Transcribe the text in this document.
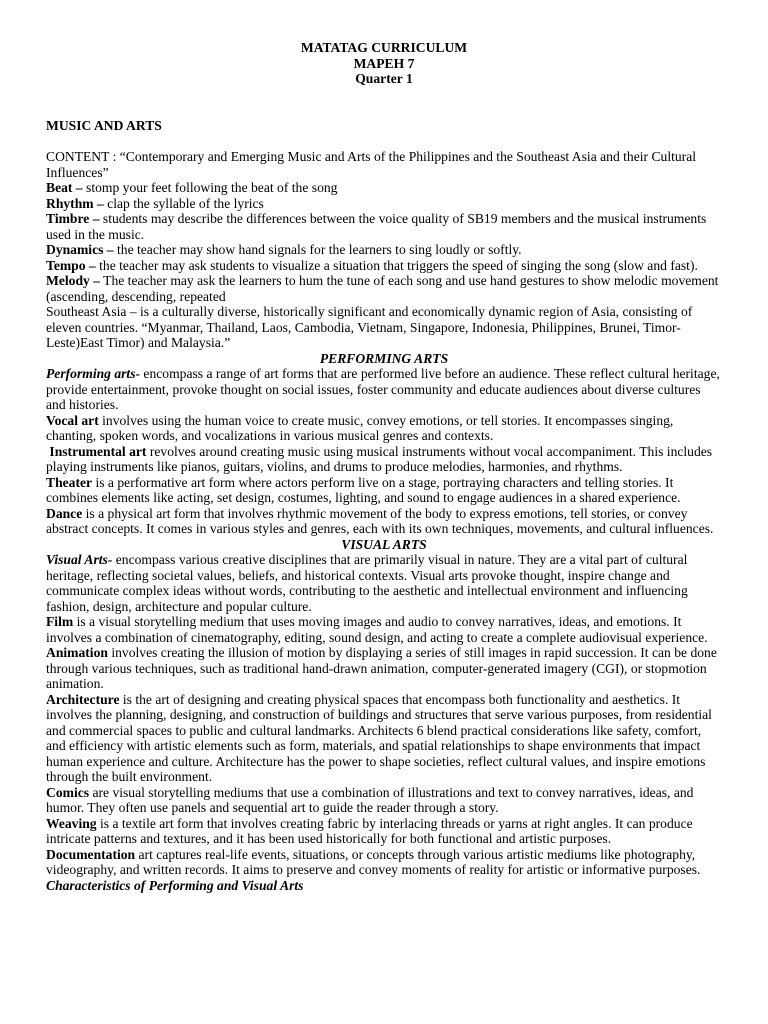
MATATAG CURRICULUM
MAPEH 7
Quarter 1
MUSIC AND ARTS

CONTENT : “Contemporary and Emerging Music and Arts of the Philippines and the Southeast Asia and their Cultural Influences”

Beat – stomp your feet following the beat of the song

Rhythm – clap the syllable of the lyrics

Timbre – students may describe the differences between the voice quality of SB19 members and the musical instruments used in the music.

Dynamics – the teacher may show hand signals for the learners to sing loudly or softly.

Tempo – the teacher may ask students to visualize a situation that triggers the speed of singing the song (slow and fast).

Melody – The teacher may ask the learners to hum the tune of each song and use hand gestures to show melodic movement (ascending, descending, repeated

Southeast Asia – is a culturally diverse, historically significant and economically dynamic region of Asia, consisting of eleven countries. “Myanmar, Thailand, Laos, Cambodia, Vietnam, Singapore, Indonesia, Philippines, Brunei, Timor-Leste)East Timor) and Malaysia.”

PERFORMING ARTS

Performing arts- encompass a range of art forms that are performed live before an audience. These reflect cultural heritage, provide entertainment, provoke thought on social issues, foster community and educate audiences about diverse cultures and histories.

Vocal art involves using the human voice to create music, convey emotions, or tell stories. It encompasses singing, chanting, spoken words, and vocalizations in various musical genres and contexts.

Instrumental art revolves around creating music using musical instruments without vocal accompaniment. This includes playing instruments like pianos, guitars, violins, and drums to produce melodies, harmonies, and rhythms.

Theater is a performative art form where actors perform live on a stage, portraying characters and telling stories. It combines elements like acting, set design, costumes, lighting, and sound to engage audiences in a shared experience.

Dance is a physical art form that involves rhythmic movement of the body to express emotions, tell stories, or convey abstract concepts. It comes in various styles and genres, each with its own techniques, movements, and cultural influences.

VISUAL ARTS

Visual Arts- encompass various creative disciplines that are primarily visual in nature. They are a vital part of cultural heritage, reflecting societal values, beliefs, and historical contexts. Visual arts provoke thought, inspire change and communicate complex ideas without words, contributing to the aesthetic and intellectual environment and influencing fashion, design, architecture and popular culture.

Film is a visual storytelling medium that uses moving images and audio to convey narratives, ideas, and emotions. It involves a combination of cinematography, editing, sound design, and acting to create a complete audiovisual experience.

Animation involves creating the illusion of motion by displaying a series of still images in rapid succession. It can be done through various techniques, such as traditional hand-drawn animation, computer-generated imagery (CGI), or stopmotion animation.

Architecture is the art of designing and creating physical spaces that encompass both functionality and aesthetics. It involves the planning, designing, and construction of buildings and structures that serve various purposes, from residential and commercial spaces to public and cultural landmarks. Architects 6 blend practical considerations like safety, comfort, and efficiency with artistic elements such as form, materials, and spatial relationships to shape environments that impact human experience and culture. Architecture has the power to shape societies, reflect cultural values, and inspire emotions through the built environment.

Comics are visual storytelling mediums that use a combination of illustrations and text to convey narratives, ideas, and humor. They often use panels and sequential art to guide the reader through a story.

Weaving is a textile art form that involves creating fabric by interlacing threads or yarns at right angles. It can produce intricate patterns and textures, and it has been used historically for both functional and artistic purposes.

Documentation art captures real-life events, situations, or concepts through various artistic mediums like photography, videography, and written records. It aims to preserve and convey moments of reality for artistic or informative purposes.

Characteristics of Performing and Visual Arts
